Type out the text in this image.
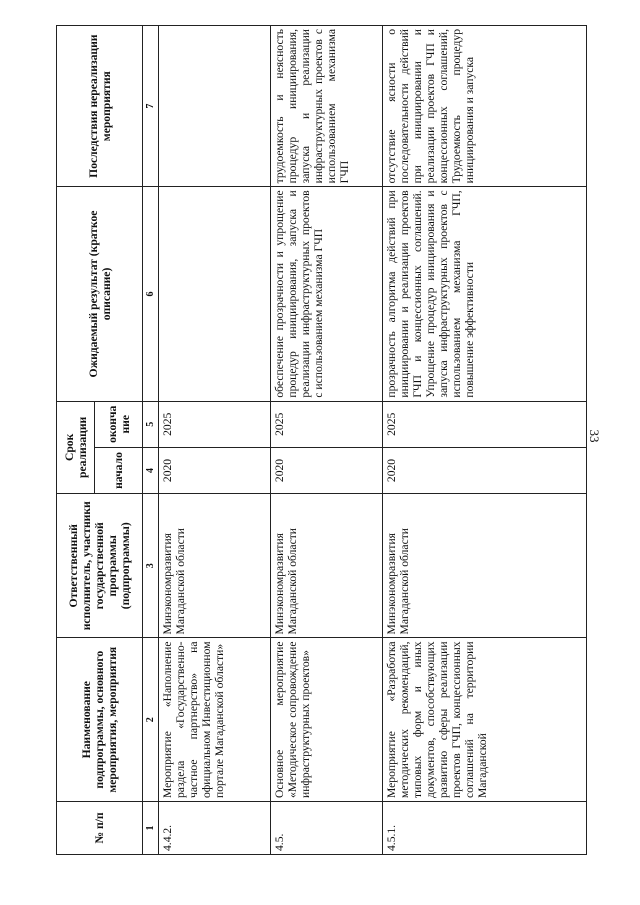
33
№ п/п	Наименование подпрограммы, основного мероприятия, мероприятия	Ответственный исполнитель, участники государственной программы (подпрограммы)	Срок реализации		Ожидаемый результат (краткое описание)	Последствия нереализации мероприятия
			начало	оконча ние		
1	2	3	4	5	6	7
4.4.2.	Мероприятие «Наполнение раздела «Государственно-частное партнерство» на официальном Инвестиционном портале Магаданской области»	Минэкономразвития Магаданской области	2020	2025		
4.5.	Основное мероприятие «Методическое сопровождение инфраструктурных проектов»	Минэкономразвития Магаданской области	2020	2025	обеспечение прозрачности и упрощение процедур инициирования, запуска и реализации инфраструктурных проектов с использованием механизма ГЧП	трудоемкость и неясность процедур инициирования, запуска и реализации инфраструктурных проектов с использованием механизма ГЧП
4.5.1.	Мероприятие «Разработка методических рекомендаций, типовых форм и иных документов, способствующих развитию сферы реализации проектов ГЧП, концессионных соглашений на территории Магаданской	Минэкономразвития Магаданской области	2020	2025	прозрачность алгоритма действий при инициировании и реализации проектов ГЧП и концессионных соглашений. Упрощение процедур инициирования и запуска инфраструктурных проектов с использованием механизма ГЧП, повышение эффективности	отсутствие ясности о последовательности действий при инициировании и реализации проектов ГЧП и концессионных соглашений, Трудоемкость процедур инициирования и запуска
